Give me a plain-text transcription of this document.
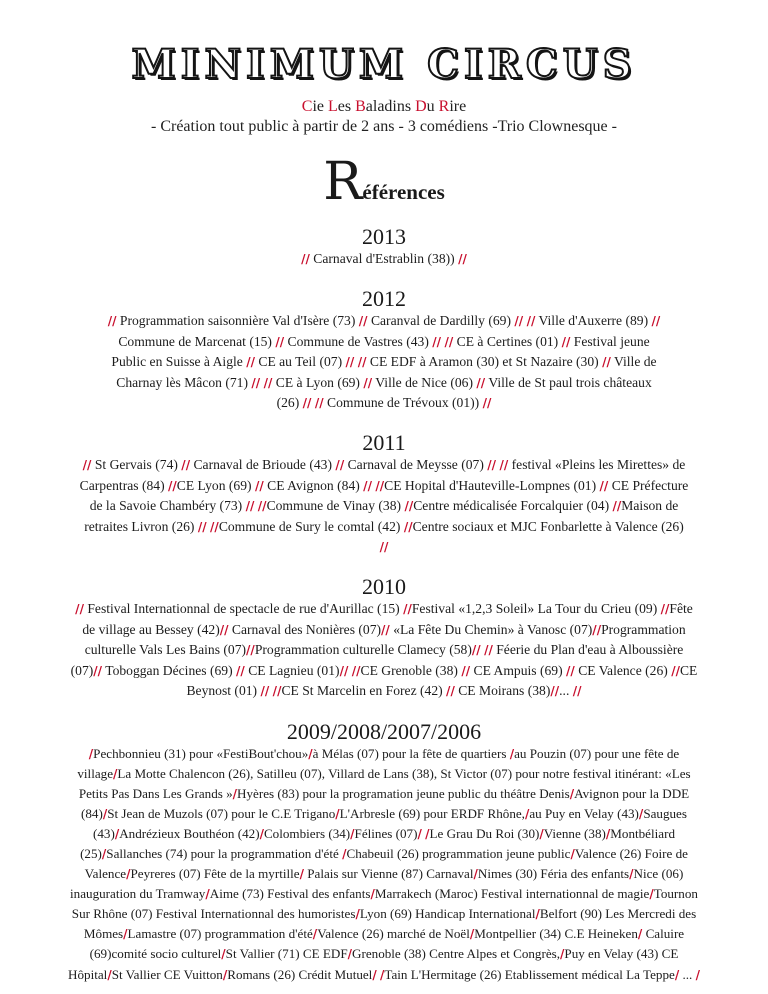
MINIMUM CIRCUS

Cie Les Baladins Du Rire

- Création tout public à partir de 2 ans - 3 comédiens -Trio Clownesque -

Références
2013

// Carnaval d'Estrablin (38)) //

2012

// Programmation saisonnière Val d'Isère (73) // Caranval de Dardilly (69) // // Ville d'Auxerre (89) // Commune de Marcenat (15) // Commune de Vastres (43) // // CE à Certines (01) // Festival jeune Public en Suisse à Aigle // CE au Teil (07) // // CE EDF à Aramon (30) et St Nazaire (30) // Ville de Charnay lès Mâcon (71) // // CE à Lyon (69) // Ville de Nice (06) // Ville de St paul trois châteaux (26) // // Commune de Trévoux (01)) //

2011

// St Gervais (74) // Carnaval de Brioude (43) // Carnaval de Meysse (07) // // festival «Pleins les Mirettes» de Carpentras (84) //CE Lyon (69) // CE Avignon (84) // //CE Hopital d'Hauteville-Lompnes (01) // CE Préfecture de la Savoie Chambéry (73) // //Commune de Vinay (38) //Centre médicalisée Forcalquier (04) //Maison de retraites Livron (26) // //Commune de Sury le comtal (42) //Centre sociaux et MJC Fonbarlette à Valence (26) //

2010

// Festival Internationnal de spectacle de rue d'Aurillac (15) //Festival «1,2,3 Soleil» La Tour du Crieu (09) //Fête de village au Bessey (42)// Carnaval des Nonières (07)// «La Fête Du Chemin» à Vanosc (07)//Programmation culturelle Vals Les Bains (07)//Programmation culturelle Clamecy (58)// // Féerie du Plan d'eau à Alboussière (07)// Toboggan Décines (69) // CE Lagnieu (01)// //CE Grenoble (38) // CE Ampuis (69) // CE Valence (26) //CE Beynost (01) // //CE St Marcelin en Forez (42) // CE Moirans (38)//... //

2009/2008/2007/2006

/Pechbonnieu (31) pour «FestiBout'chou»/à Mélas (07) pour la fête de quartiers /au Pouzin (07) pour une fête de village/La Motte Chalencon (26), Satilleu (07), Villard de Lans (38), St Victor (07) pour notre festival itinérant: «Les Petits Pas Dans Les Grands »/Hyères (83) pour la programation jeune public du théâtre Denis/Avignon pour la DDE (84)/St Jean de Muzols (07) pour le C.E Trigano/L'Arbresle (69) pour ERDF Rhône,/au Puy en Velay (43)/Saugues (43)/Andrézieux Bouthéon (42)/Colombiers (34)/Félines (07)/ /Le Grau Du Roi (30)/Vienne (38)/Montbéliard (25)/Sallanches (74) pour la programmation d'été /Chabeuil (26) programmation jeune public/Valence (26) Foire de Valence/Peyreres (07) Fête de la myrtille/ Palais sur Vienne (87) Carnaval/Nimes (30) Féria des enfants/Nice (06) inauguration du Tramway/Aime (73) Festival des enfants/Marrakech (Maroc) Festival internationnal de magie/Tournon Sur Rhône (07) Festival Internationnal des humoristes/Lyon (69) Handicap International/Belfort (90) Les Mercredi des Mômes/Lamastre (07) programmation d'été/Valence (26) marché de Noël/Montpellier (34) C.E Heineken/ Caluire (69)comité socio culturel/St Vallier (71) CE EDF/Grenoble (38) Centre Alpes et Congrès,/Puy en Velay (43) CE Hôpital/St Vallier CE Vuitton/Romans (26) Crédit Mutuel/ /Tain L'Hermitage (26) Etablissement médical La Teppe/ ... /
